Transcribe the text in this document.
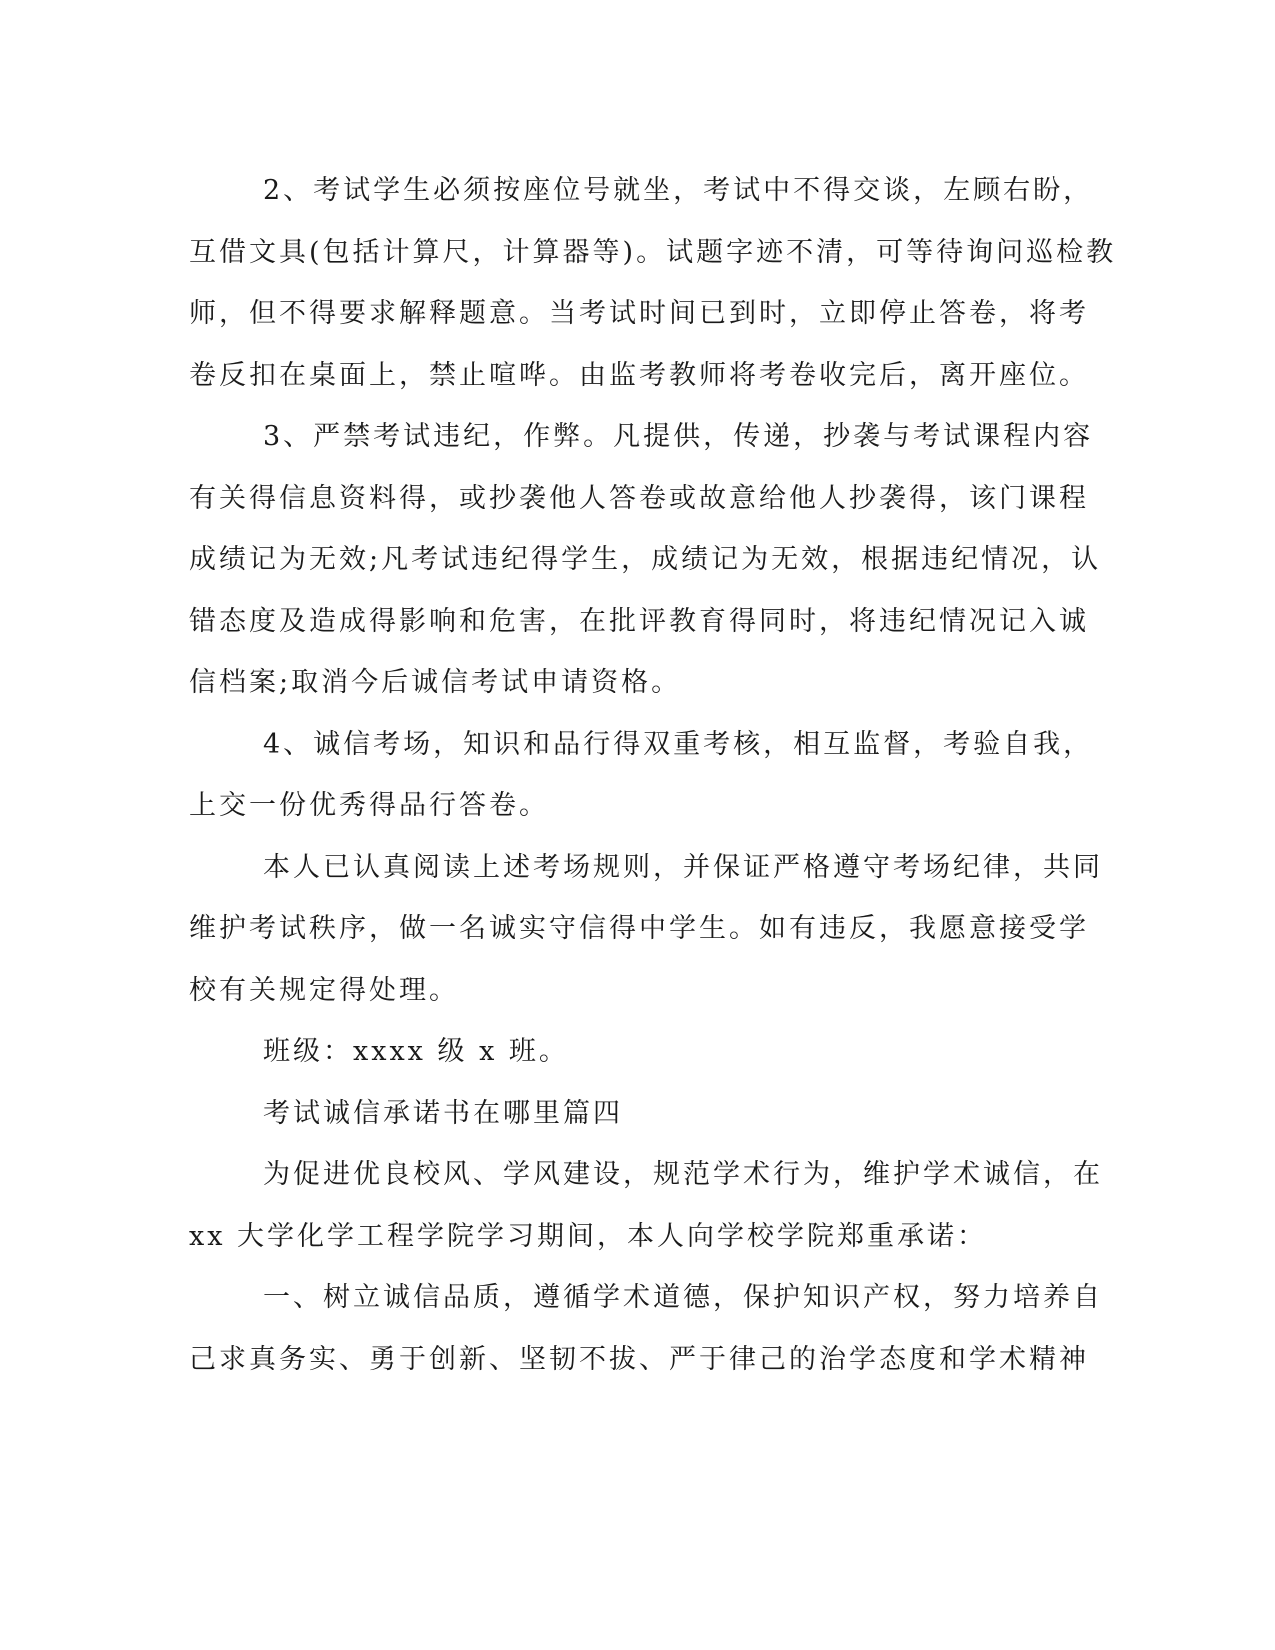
2、考试学生必须按座位号就坐，考试中不得交谈，左顾右盼，
互借文具(包括计算尺，计算器等)。试题字迹不清，可等待询问巡检教
师，但不得要求解释题意。当考试时间已到时，立即停止答卷，将考
卷反扣在桌面上，禁止喧哗。由监考教师将考卷收完后，离开座位。
3、严禁考试违纪，作弊。凡提供，传递，抄袭与考试课程内容
有关得信息资料得，或抄袭他人答卷或故意给他人抄袭得，该门课程
成绩记为无效;凡考试违纪得学生，成绩记为无效，根据违纪情况，认
错态度及造成得影响和危害，在批评教育得同时，将违纪情况记入诚
信档案;取消今后诚信考试申请资格。
4、诚信考场，知识和品行得双重考核，相互监督，考验自我，
上交一份优秀得品行答卷。
本人已认真阅读上述考场规则，并保证严格遵守考场纪律，共同
维护考试秩序，做一名诚实守信得中学生。如有违反，我愿意接受学
校有关规定得处理。
班级：xxxx 级 x 班。
考试诚信承诺书在哪里篇四
为促进优良校风、学风建设，规范学术行为，维护学术诚信，在
xx 大学化学工程学院学习期间，本人向学校学院郑重承诺：
一、树立诚信品质，遵循学术道德，保护知识产权，努力培养自
己求真务实、勇于创新、坚韧不拔、严于律己的治学态度和学术精神
